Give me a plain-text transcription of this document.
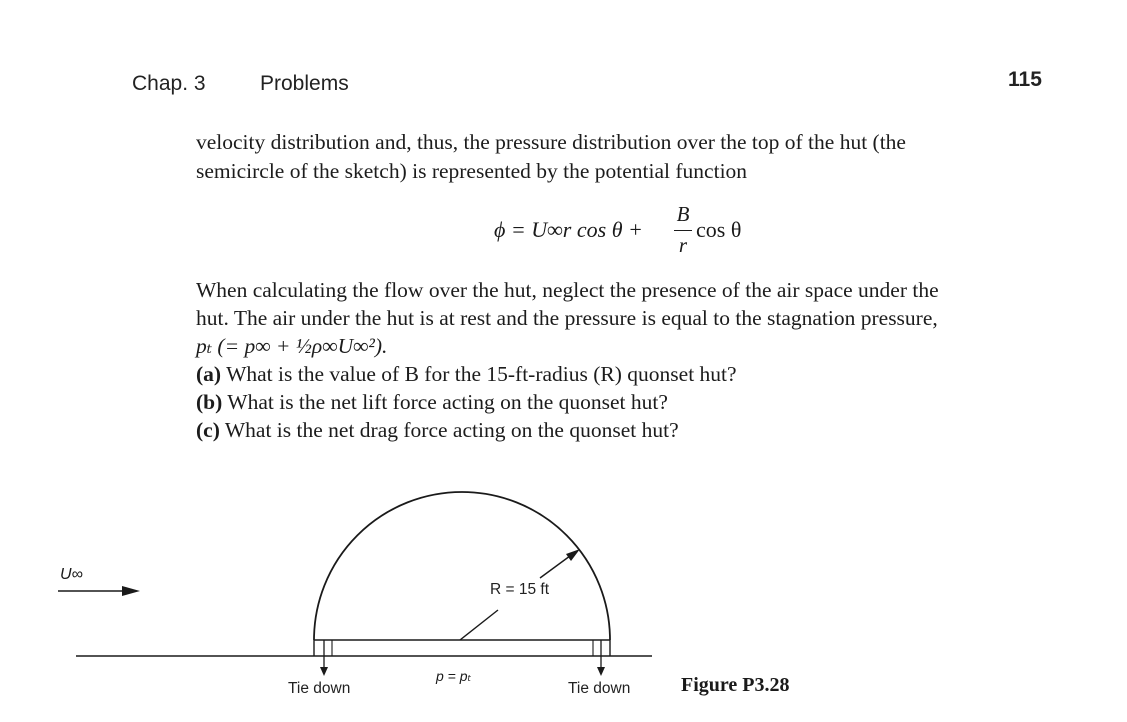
Chap. 3	Problems	115
velocity distribution and, thus, the pressure distribution over the top of the hut (the
semicircle of the sketch) is represented by the potential function
ϕ = U∞r cos θ +
B
r
cos θ
When calculating the flow over the hut, neglect the presence of the air space under the
hut. The air under the hut is at rest and the pressure is equal to the stagnation pressure,
pₜ (= p∞ + ½ρ∞U∞²).
(a) What is the value of B for the 15-ft-radius (R) quonset hut?
(b) What is the net lift force acting on the quonset hut?
(c) What is the net drag force acting on the quonset hut?
U∞
R = 15 ft
p = pₜ
Tie down	Tie down	Figure P3.28
